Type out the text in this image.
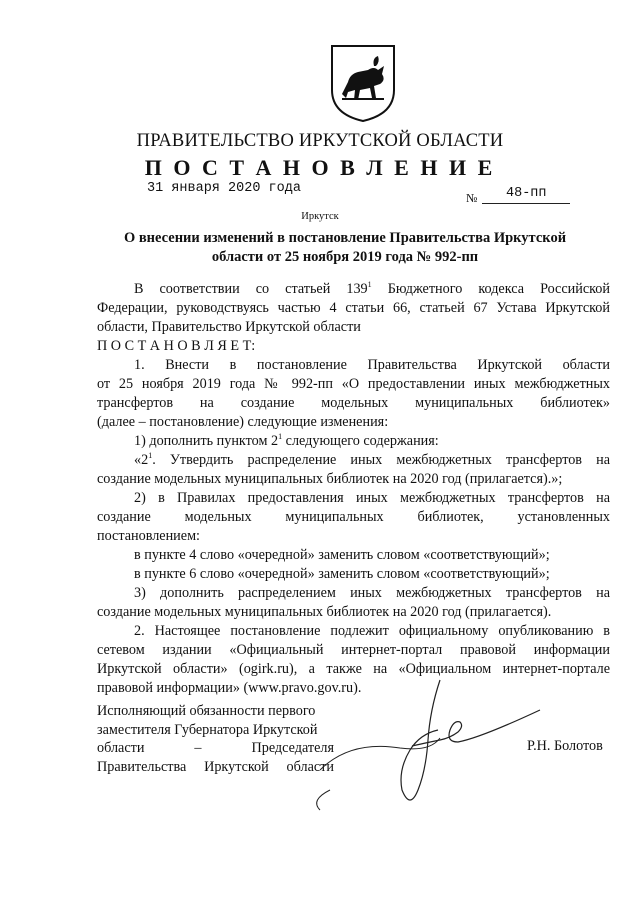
ПРАВИТЕЛЬСТВО ИРКУТСКОЙ ОБЛАСТИ
П О С Т А Н О В Л Е Н И Е
31 января 2020 года
№ 48-пп
Иркутск
О внесении изменений в постановление Правительства Иркутской
области от 25 ноября 2019 года № 992-пп

В соответствии со статьей $139^1$ Бюджетного кодекса Российской

Федерации, руководствуясь частью 4 статьи 66, статьей 67 Устава Иркутской

области, Правительство Иркутской области

П О С Т А Н О В Л Я Е Т:

1. Внести в постановление Правительства Иркутской области

от 25 ноября 2019 года № 992-пп «О предоставлении иных межбюджетных

трансфертов на создание модельных муниципальных библиотек»

(далее – постановление) следующие изменения:

1) дополнить пунктом $2^1$ следующего содержания:

«$2^1$. Утвердить распределение иных межбюджетных трансфертов на

создание модельных муниципальных библиотек на 2020 год (прилагается).»;

2) в Правилах предоставления иных межбюджетных трансфертов на

создание модельных муниципальных библиотек, установленных

постановлением:

в пункте 4 слово «очередной» заменить словом «соответствующий»;

в пункте 6 слово «очередной» заменить словом «соответствующий»;

3) дополнить распределением иных межбюджетных трансфертов на

создание модельных муниципальных библиотек на 2020 год (прилагается).

2. Настоящее постановление подлежит официальному опубликованию в

сетевом издании «Официальный интернет-портал правовой информации

Иркутской области» (ogirk.ru), а также на «Официальном интернет-портале

правовой информации» (www.pravo.gov.ru).

Исполняющий обязанности первого

заместителя Губернатора Иркутской

области – Председателя

Правительства Иркутской области

Р.Н. Болотов
